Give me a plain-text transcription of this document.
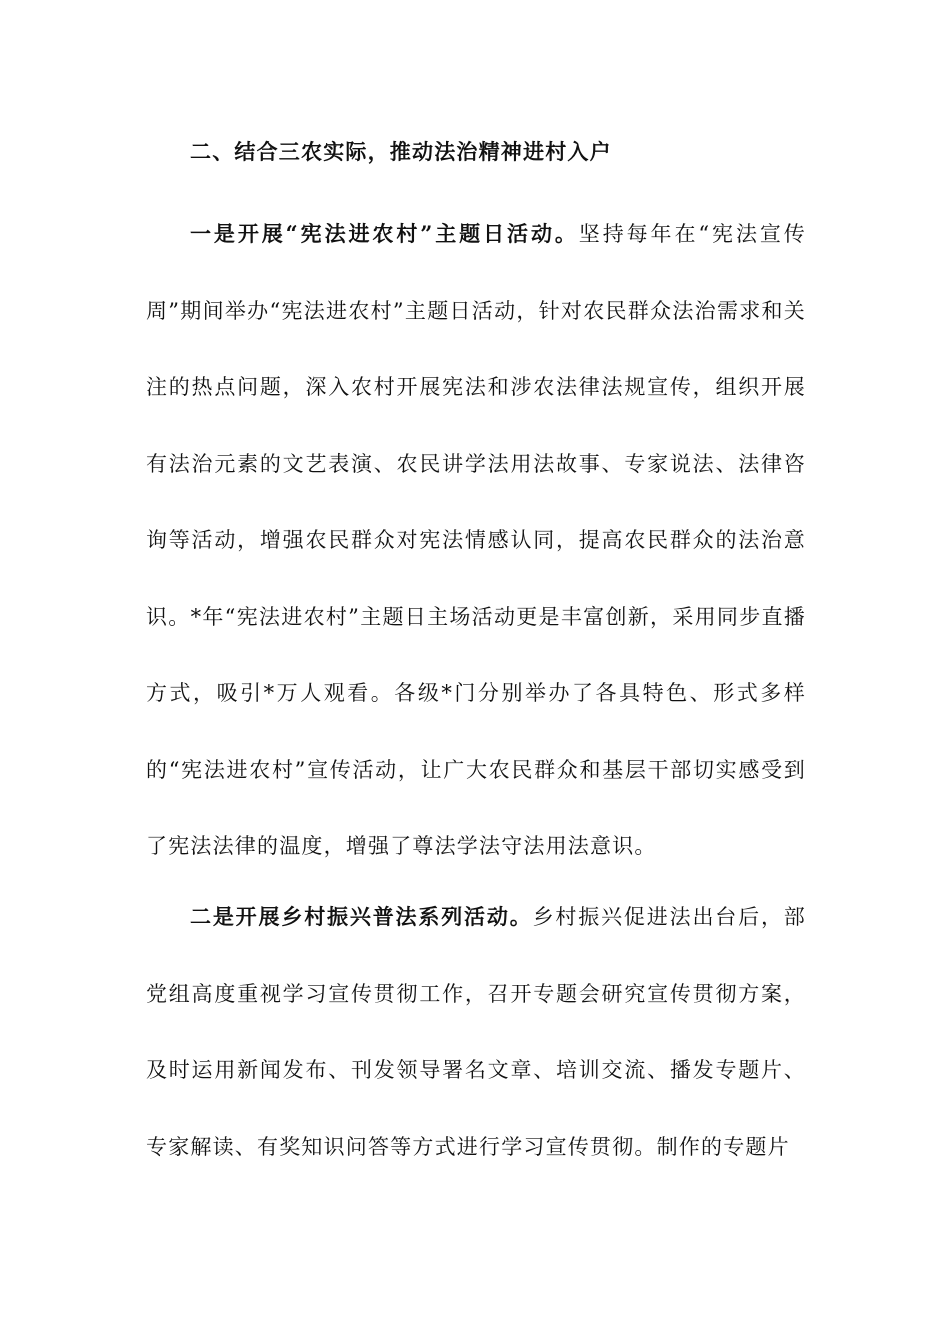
二、结合三农实际，推动法治精神进村入户
一是开展“宪法进农村”主题日活动。坚持每年在“宪法宣传周”期间举办“宪法进农村”主题日活动，针对农民群众法治需求和关注的热点问题，深入农村开展宪法和涉农法律法规宣传，组织开展有法治元素的文艺表演、农民讲学法用法故事、专家说法、法律咨询等活动，增强农民群众对宪法情感认同，提高农民群众的法治意识。*年“宪法进农村”主题日主场活动更是丰富创新，采用同步直播方式，吸引*万人观看。各级*门分别举办了各具特色、形式多样的“宪法进农村”宣传活动，让广大农民群众和基层干部切实感受到了宪法法律的温度，增强了尊法学法守法用法意识。
二是开展乡村振兴普法系列活动。乡村振兴促进法出台后，部党组高度重视学习宣传贯彻工作，召开专题会研究宣传贯彻方案，及时运用新闻发布、刊发领导署名文章、培训交流、播发专题片、专家解读、有奖知识问答等方式进行学习宣传贯彻。制作的专题片
